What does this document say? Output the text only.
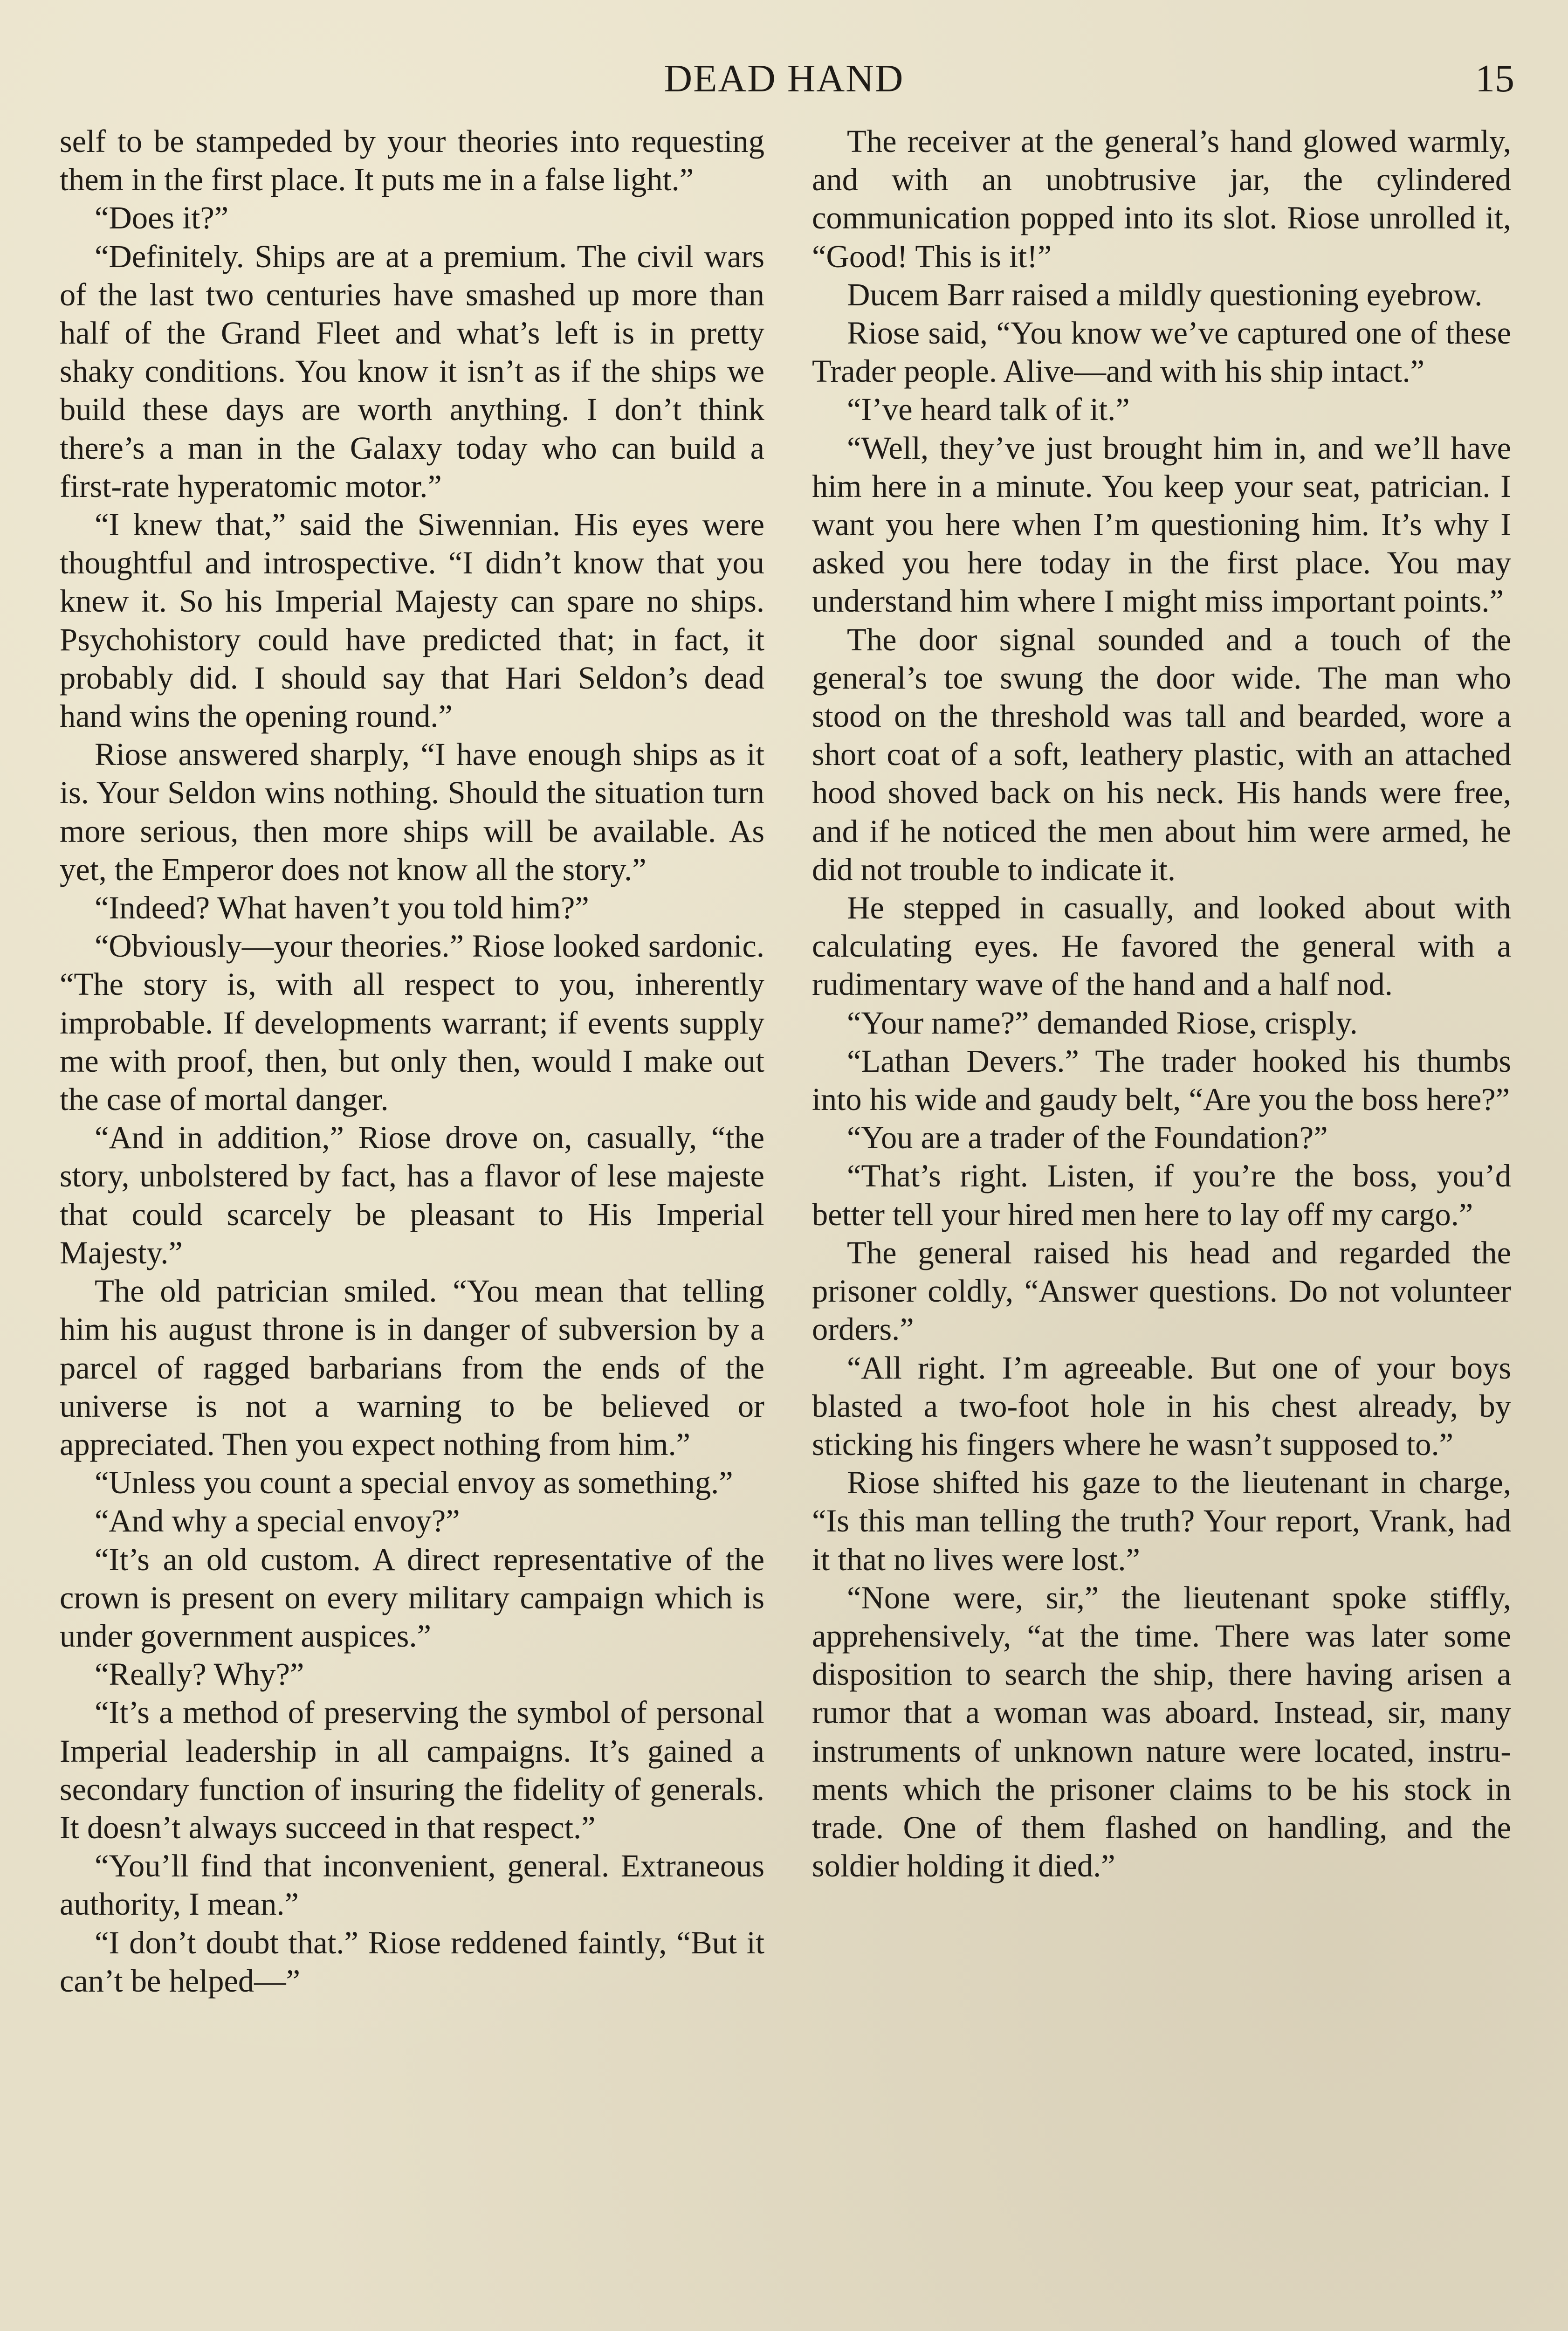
DEAD HAND	15

self to be stampeded by your theories into requesting them in the first place. It puts me in a false light.”

“Does it?”

“Definitely. Ships are at a premium. The civil wars of the last two centuries have smashed up more than half of the Grand Fleet and what’s left is in pretty shaky conditions. You know it isn’t as if the ships we build these days are worth anything. I don’t think there’s a man in the Galaxy today who can build a first-rate hyperatomic motor.”

“I knew that,” said the Siwennian. His eyes were thoughtful and introspective. “I didn’t know that you knew it. So his Imperial Majesty can spare no ships. Psychohistory could have predicted that; in fact, it probably did. I should say that Hari Seldon’s dead hand wins the opening round.”

Riose answered sharply, “I have enough ships as it is. Your Seldon wins nothing. Should the situation turn more serious, then more ships will be available. As yet, the Emperor does not know all the story.”

“Indeed? What haven’t you told him?”

“Obviously—your theories.” Riose looked sardonic. “The story is, with all respect to you, inherently improbable. If developments warrant; if events supply me with proof, then, but only then, would I make out the case of mortal danger.

“And in addition,” Riose drove on, casually, “the story, unbolstered by fact, has a flavor of lese majeste that could scarcely be pleasant to His Imperial Majesty.”

The old patrician smiled. “You mean that telling him his august throne is in danger of subversion by a parcel of ragged barbarians from the ends of the universe is not a warning to be believed or appreciated. Then you expect nothing from him.”

“Unless you count a special envoy as something.”

“And why a special envoy?”

“It’s an old custom. A direct representative of the crown is present on every military campaign which is under government auspices.”

“Really? Why?”

“It’s a method of preserving the symbol of personal Imperial leadership in all campaigns. It’s gained a secondary function of insuring the fidelity of generals. It doesn’t always succeed in that respect.”

“You’ll find that inconvenient, general. Extraneous authority, I mean.”

“I don’t doubt that.” Riose reddened faintly, “But it can’t be helped—”

The receiver at the general’s hand glowed warmly, and with an unobtrusive jar, the cylindered communication popped into its slot. Riose unrolled it, “Good! This is it!”

Ducem Barr raised a mildly questioning eyebrow.

Riose said, “You know we’ve captured one of these Trader people. Alive—and with his ship intact.”

“I’ve heard talk of it.”

“Well, they’ve just brought him in, and we’ll have him here in a minute. You keep your seat, patrician. I want you here when I’m questioning him. It’s why I asked you here today in the first place. You may understand him where I might miss important points.”

The door signal sounded and a touch of the general’s toe swung the door wide. The man who stood on the threshold was tall and bearded, wore a short coat of a soft, leathery plastic, with an attached hood shoved back on his neck. His hands were free, and if he noticed the men about him were armed, he did not trouble to indicate it.

He stepped in casually, and looked about with calculating eyes. He favored the general with a rudimentary wave of the hand and a half nod.

“Your name?” demanded Riose, crisply.

“Lathan Devers.” The trader hooked his thumbs into his wide and gaudy belt, “Are you the boss here?”

“You are a trader of the Foundation?”

“That’s right. Listen, if you’re the boss, you’d better tell your hired men here to lay off my cargo.”

The general raised his head and regarded the prisoner coldly, “Answer questions. Do not volunteer orders.”

“All right. I’m agreeable. But one of your boys blasted a two-foot hole in his chest already, by sticking his fingers where he wasn’t supposed to.”

Riose shifted his gaze to the lieutenant in charge, “Is this man telling the truth? Your report, Vrank, had it that no lives were lost.”

“None were, sir,” the lieutenant spoke stiffly, apprehensively, “at the time. There was later some disposition to search the ship, there having arisen a rumor that a woman was aboard. Instead, sir, many instruments of unknown nature were located, instruments which the prisoner claims to be his stock in trade. One of them flashed on handling, and the soldier holding it died.”
